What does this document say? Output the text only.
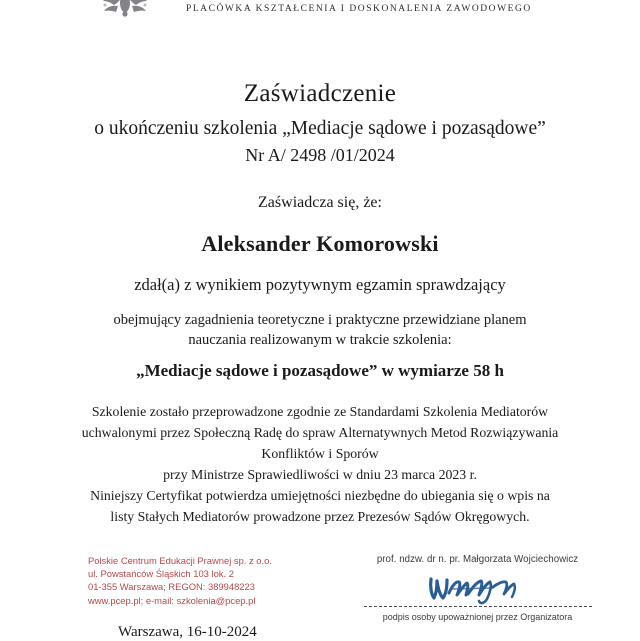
PLACÓWKA KSZTAŁCENIA I DOSKONALENIA ZAWODOWEGO
Zaświadczenie
o ukończeniu szkolenia „Mediacje sądowe i pozasądowe”
Nr A/ 2498 /01/2024
Zaświadcza się, że:
Aleksander Komorowski
zdał(a) z wynikiem pozytywnym egzamin sprawdzający
obejmujący zagadnienia teoretyczne i praktyczne przewidziane planem
nauczania realizowanym w trakcie szkolenia:
„Mediacje sądowe i pozasądowe” w wymiarze 58 h
Szkolenie zostało przeprowadzone zgodnie ze Standardami Szkolenia Mediatorów
uchwalonymi przez Społeczną Radę do spraw Alternatywnych Metod Rozwiązywania
Konfliktów i Sporów
przy Ministrze Sprawiedliwości w dniu 23 marca 2023 r.
Niniejszy Certyfikat potwierdza umiejętności niezbędne do ubiegania się o wpis na
listy Stałych Mediatorów prowadzone przez Prezesów Sądów Okręgowych.
Polskie Centrum Edukacji Prawnej sp. z o.o.
ul. Powstańców Śląskich 103 lok. 2
01-355 Warszawa; REGON: 389948223
www.pcep.pl; e-mail: szkolenia@pcep.pl
prof. ndzw. dr n. pr. Małgorzata Wojciechowicz
podpis osoby upoważnionej przez Organizatora
Warszawa, 16-10-2024
